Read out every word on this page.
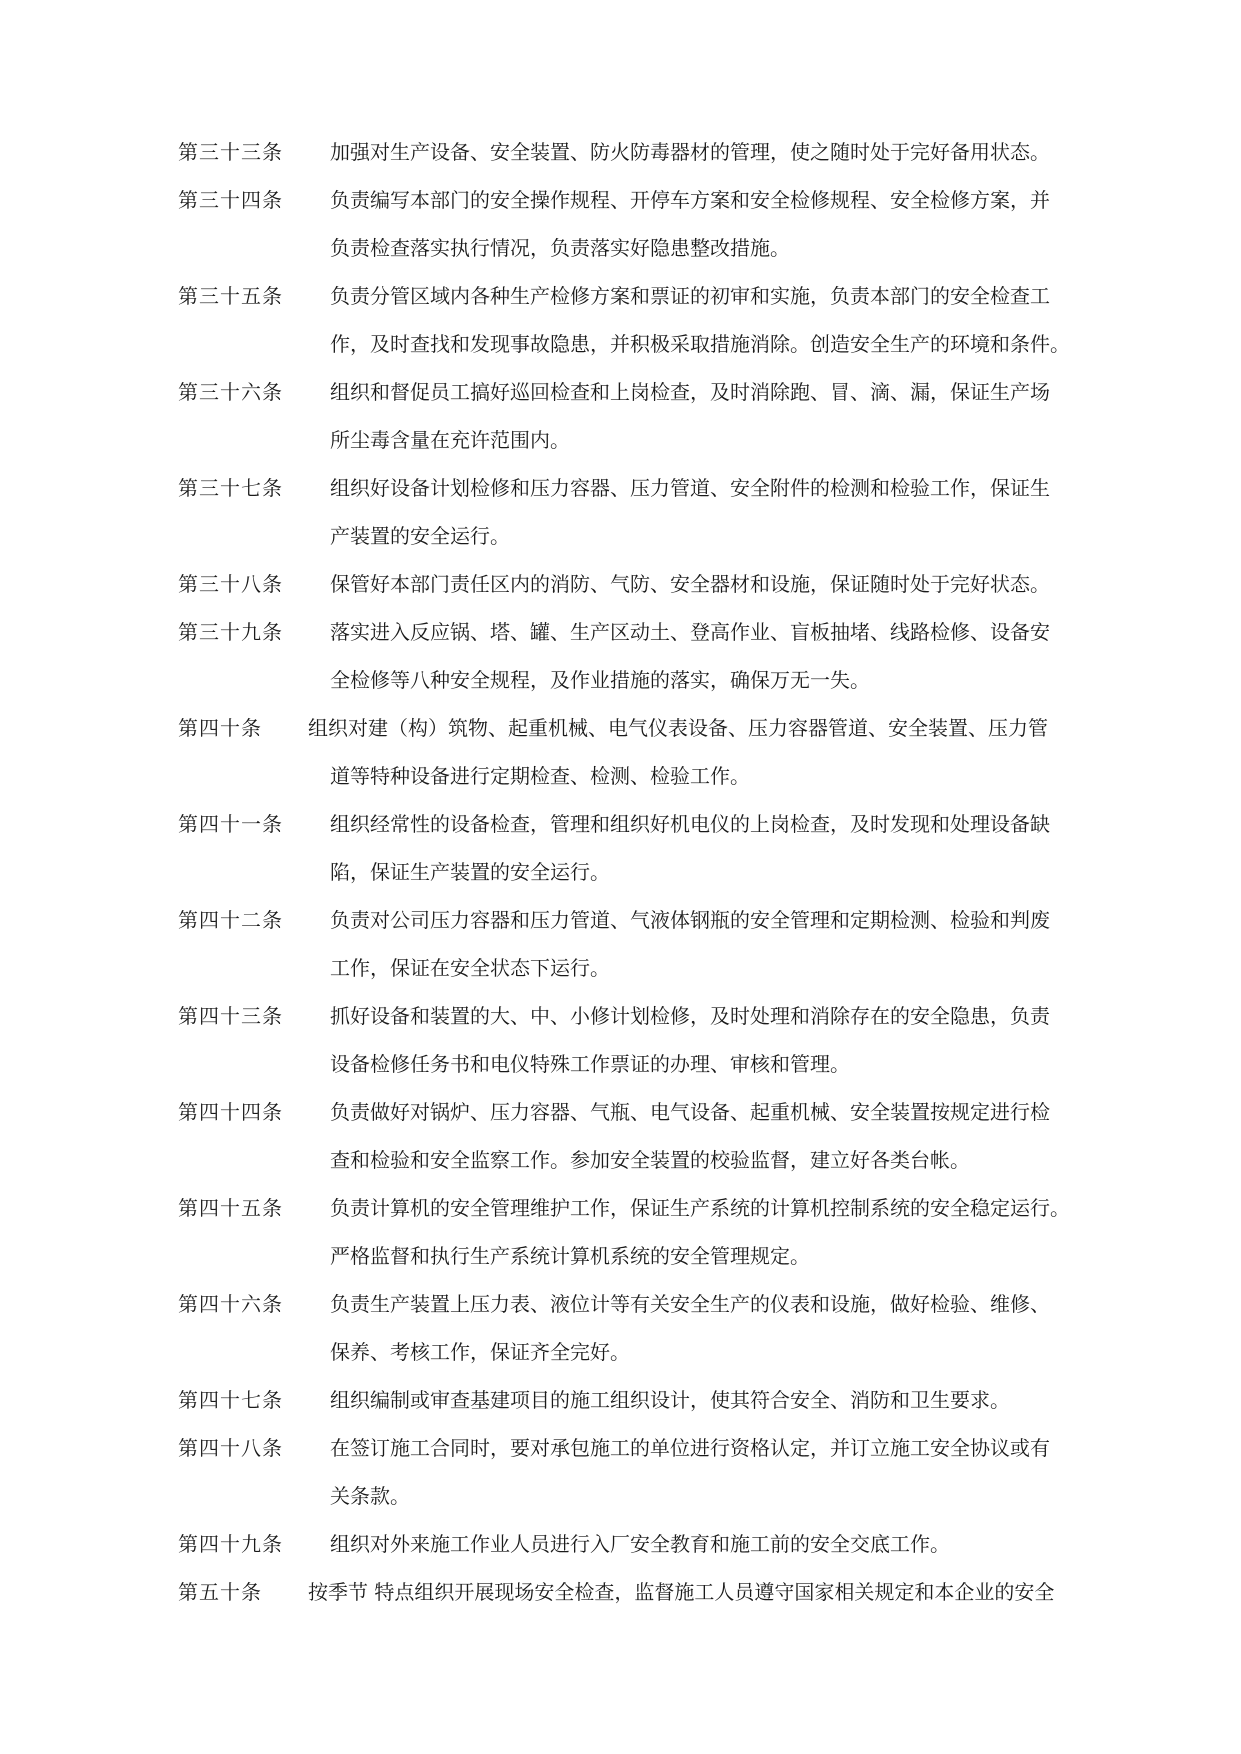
第三十三条	加强对生产设备、安全装置、防火防毒器材的管理，使之随时处于完好备用状态。
第三十四条	负责编写本部门的安全操作规程、开停车方案和安全检修规程、安全检修方案，并
负责检查落实执行情况，负责落实好隐患整改措施。
第三十五条	负责分管区域内各种生产检修方案和票证的初审和实施，负责本部门的安全检查工
作，及时查找和发现事故隐患，并积极采取措施消除。创造安全生产的环境和条件。
第三十六条	组织和督促员工搞好巡回检查和上岗检查，及时消除跑、冒、滴、漏，保证生产场
所尘毒含量在充许范围内。
第三十七条	组织好设备计划检修和压力容器、压力管道、安全附件的检测和检验工作，保证生
产装置的安全运行。
第三十八条	保管好本部门责任区内的消防、气防、安全器材和设施，保证随时处于完好状态。
第三十九条	落实进入反应锅、塔、罐、生产区动土、登高作业、盲板抽堵、线路检修、设备安
全检修等八种安全规程，及作业措施的落实，确保万无一失。
第四十条	组织对建（构）筑物、起重机械、电气仪表设备、压力容器管道、安全装置、压力管
道等特种设备进行定期检查、检测、检验工作。
第四十一条	组织经常性的设备检查，管理和组织好机电仪的上岗检查，及时发现和处理设备缺
陷，保证生产装置的安全运行。
第四十二条	负责对公司压力容器和压力管道、气液体钢瓶的安全管理和定期检测、检验和判废
工作，保证在安全状态下运行。
第四十三条	抓好设备和装置的大、中、小修计划检修，及时处理和消除存在的安全隐患，负责
设备检修任务书和电仪特殊工作票证的办理、审核和管理。
第四十四条	负责做好对锅炉、压力容器、气瓶、电气设备、起重机械、安全装置按规定进行检
查和检验和安全监察工作。参加安全装置的校验监督，建立好各类台帐。
第四十五条	负责计算机的安全管理维护工作，保证生产系统的计算机控制系统的安全稳定运行。
严格监督和执行生产系统计算机系统的安全管理规定。
第四十六条	负责生产装置上压力表、液位计等有关安全生产的仪表和设施，做好检验、维修、
保养、考核工作，保证齐全完好。
第四十七条	组织编制或审查基建项目的施工组织设计，使其符合安全、消防和卫生要求。
第四十八条	在签订施工合同时，要对承包施工的单位进行资格认定，并订立施工安全协议或有
关条款。
第四十九条	组织对外来施工作业人员进行入厂安全教育和施工前的安全交底工作。
第五十条	按季节 特点组织开展现场安全检查，监督施工人员遵守国家相关规定和本企业的安全
